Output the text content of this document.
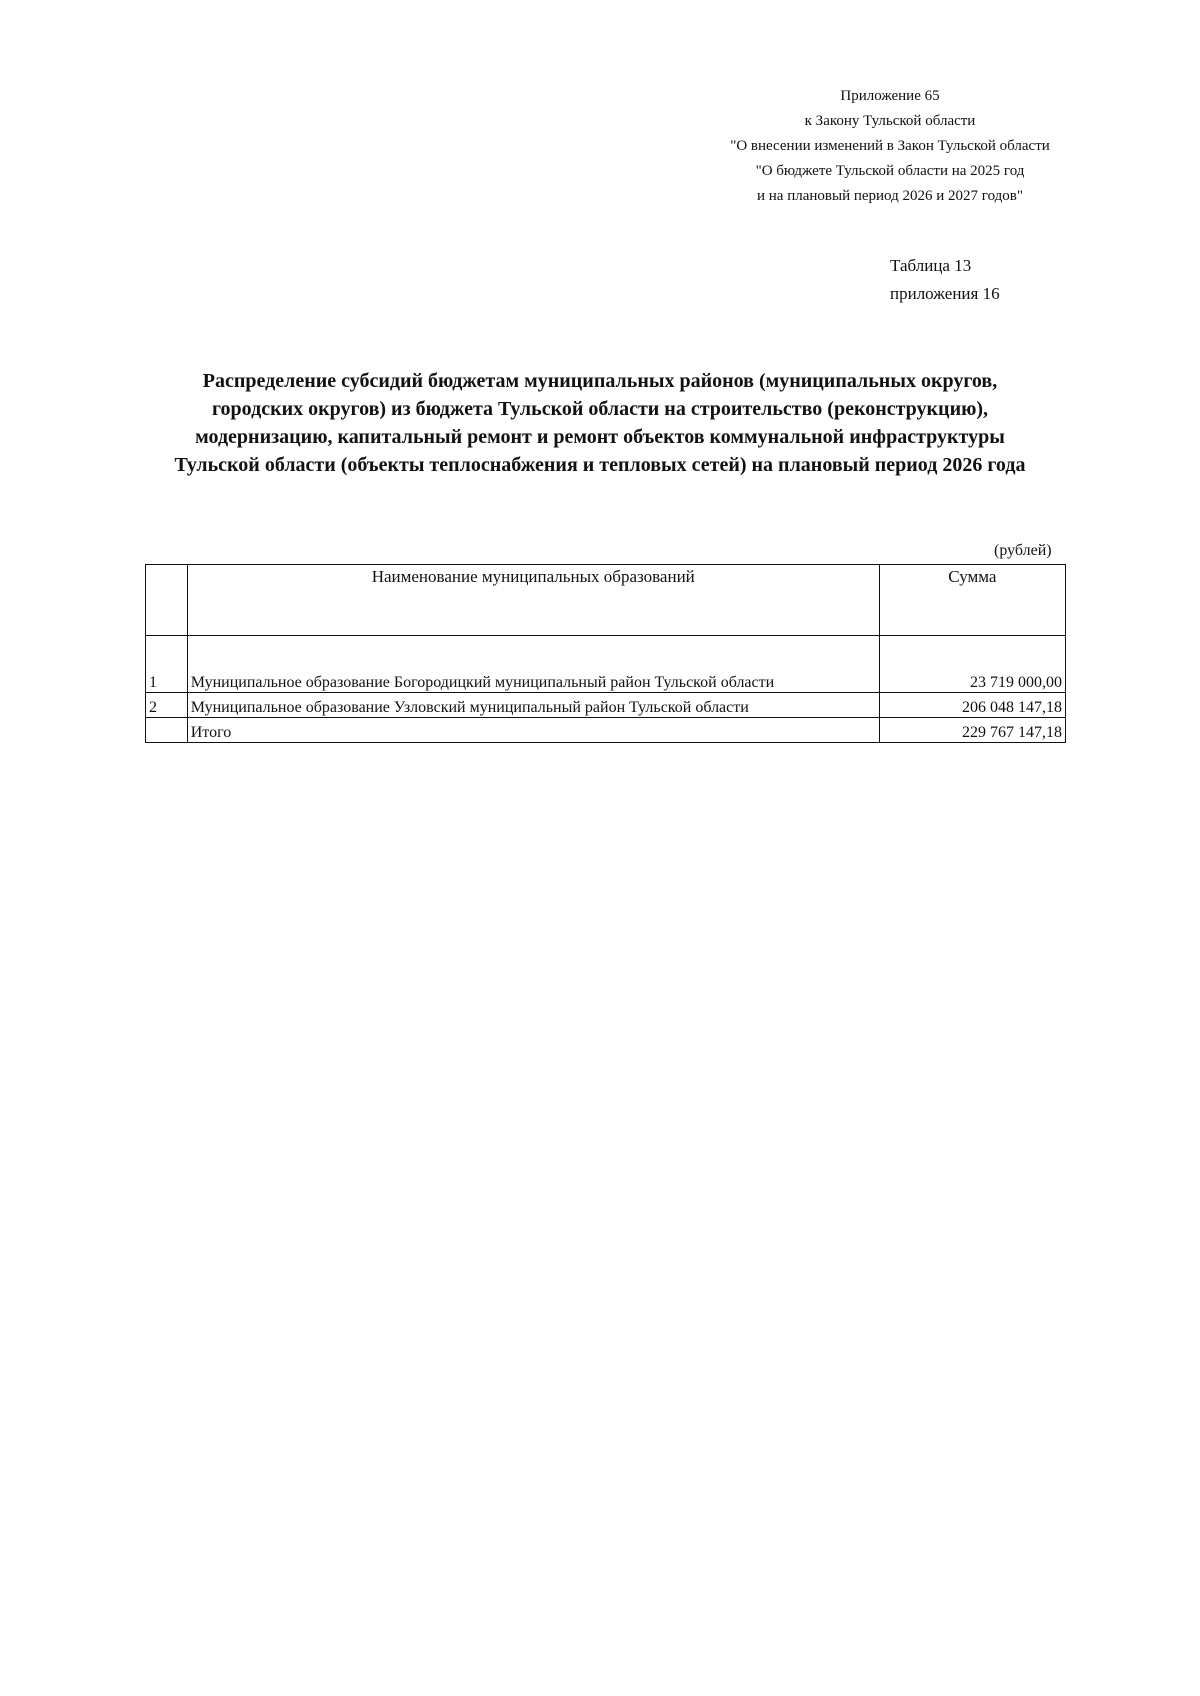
Приложение 65
к Закону Тульской области
"О внесении изменений в Закон Тульской области
"О бюджете Тульской области на 2025 год
и на плановый период 2026 и 2027 годов"
Таблица 13
приложения 16
Распределение субсидий бюджетам муниципальных районов (муниципальных округов,
городских округов) из бюджета Тульской области на строительство (реконструкцию),
модернизацию, капитальный ремонт и ремонт объектов коммунальной инфраструктуры
Тульской области (объекты теплоснабжения и тепловых сетей) на плановый период 2026 года
(рублей)
	Наименование муниципальных образований	Сумма
1	Муниципальное образование Богородицкий муниципальный район Тульской области	23 719 000,00
2	Муниципальное образование Узловский муниципальный район Тульской области	206 048 147,18
	Итого	229 767 147,18
